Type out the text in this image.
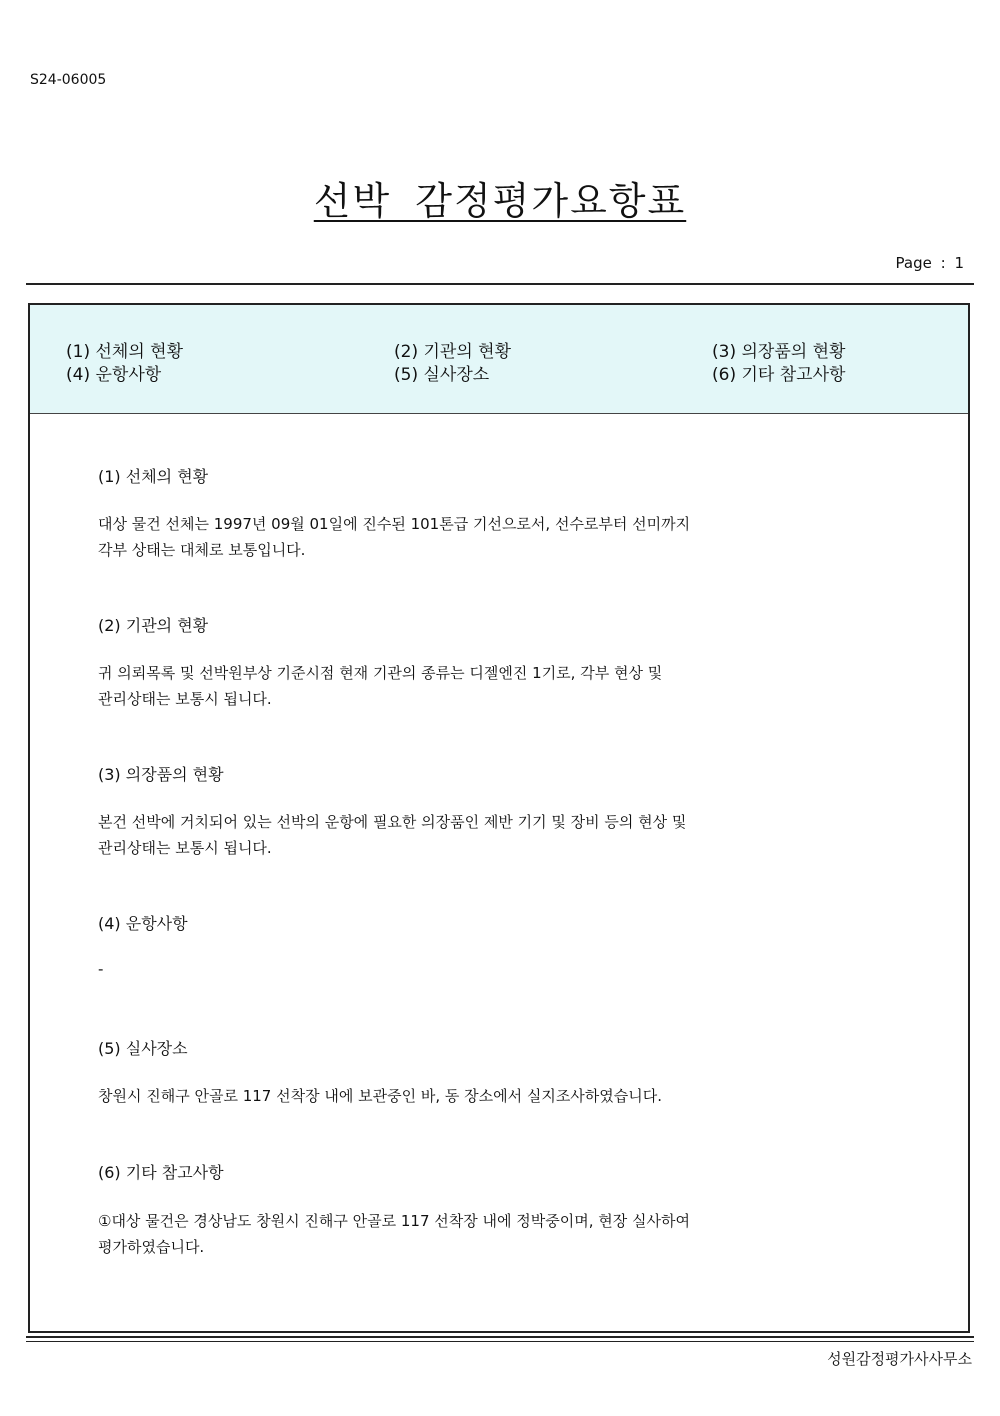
S24-06005
선박 감정평가요항표
Page : 1
(1) 선체의 현황	(2) 기관의 현황	(3) 의장품의 현황
(4) 운항사항	(5) 실사장소	(6) 기타 참고사항
(1) 선체의 현황
대상 물건 선체는 1997년 09월 01일에 진수된 101톤급 기선으로서, 선수로부터 선미까지
각부 상태는 대체로 보통입니다.
(2) 기관의 현황
귀 의뢰목록 및 선박원부상 기준시점 현재 기관의 종류는 디젤엔진 1기로, 각부 현상 및
관리상태는 보통시 됩니다.
(3) 의장품의 현황
본건 선박에 거치되어 있는 선박의 운항에 필요한 의장품인 제반 기기 및 장비 등의 현상 및
관리상태는 보통시 됩니다.
(4) 운항사항
-
(5) 실사장소
창원시 진해구 안골로 117 선착장 내에 보관중인 바, 동 장소에서 실지조사하였습니다.
(6) 기타 참고사항
①대상 물건은 경상남도 창원시 진해구 안골로 117 선착장 내에 정박중이며, 현장 실사하여
평가하였습니다.
성원감정평가사사무소
